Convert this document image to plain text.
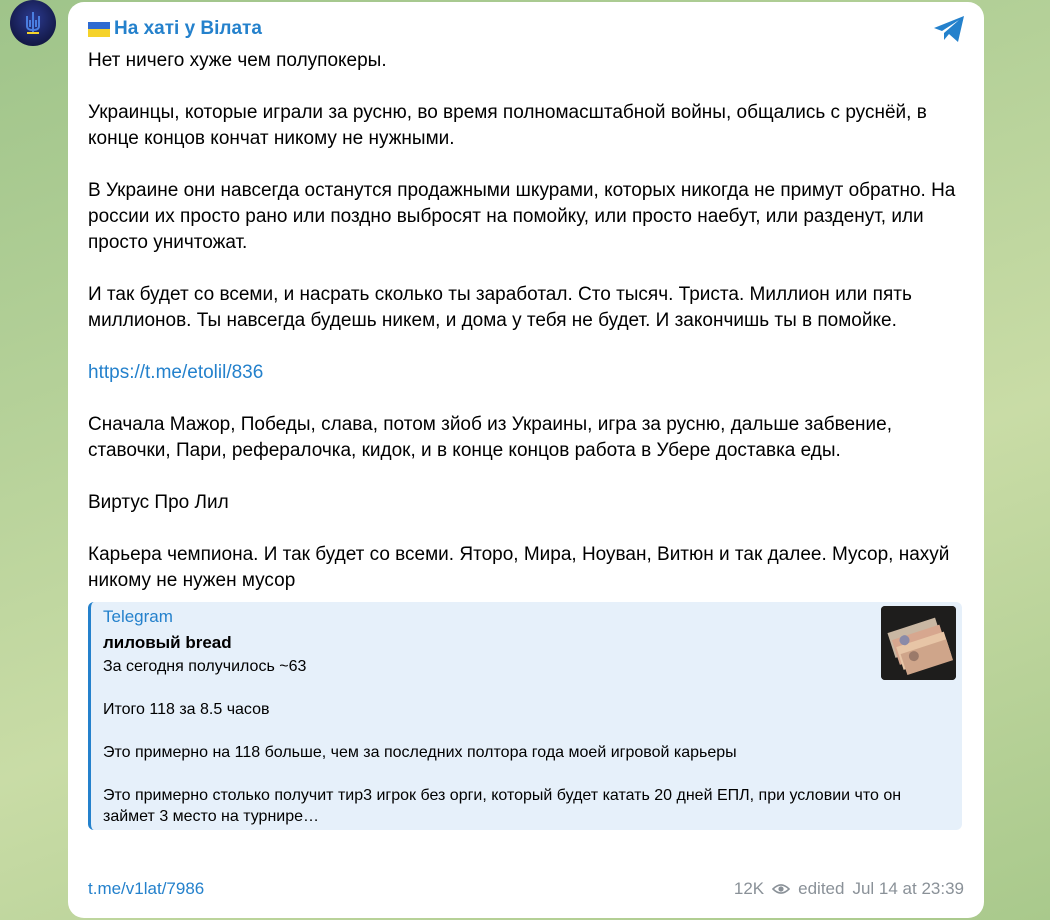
На хаті у Вілата

Нет ничего хуже чем полупокеры.

Украинцы, которые играли за русню, во время полномасштабной войны, общались с руснёй, в конце концов кончат никому не нужными.

В Украине они навсегда останутся продажными шкурами, которых никогда не примут обратно. На россии их просто рано или поздно выбросят на помойку, или просто наебут, или разденут, или просто уничтожат.

И так будет со всеми, и насрать сколько ты заработал. Сто тысяч. Триста. Миллион или пять миллионов. Ты навсегда будешь никем, и дома у тебя не будет. И закончишь ты в помойке.

https://t.me/etolil/836

Сначала Мажор, Победы, слава, потом зйоб из Украины, игра за русню, дальше забвение, ставочки, Пари, рефералочка, кидок, и в конце концов работа в Убере доставка еды.

Виртус Про Лил

Карьера чемпиона. И так будет со всеми. Яторо, Мира, Ноуван, Витюн и так далее. Мусор, нахуй никому не нужен мусор

Telegram
лиловый bread

За сегодня получилось ~63

Итого 118 за 8.5 часов

Это примерно на 118 больше, чем за последних полтора года моей игровой карьеры

Это примерно столько получит тир3 игрок без орги, который будет катать 20 дней ЕПЛ, при условии что он займет 3 место на турнире…

t.me/v1lat/7986	12K edited Jul 14 at 23:39
